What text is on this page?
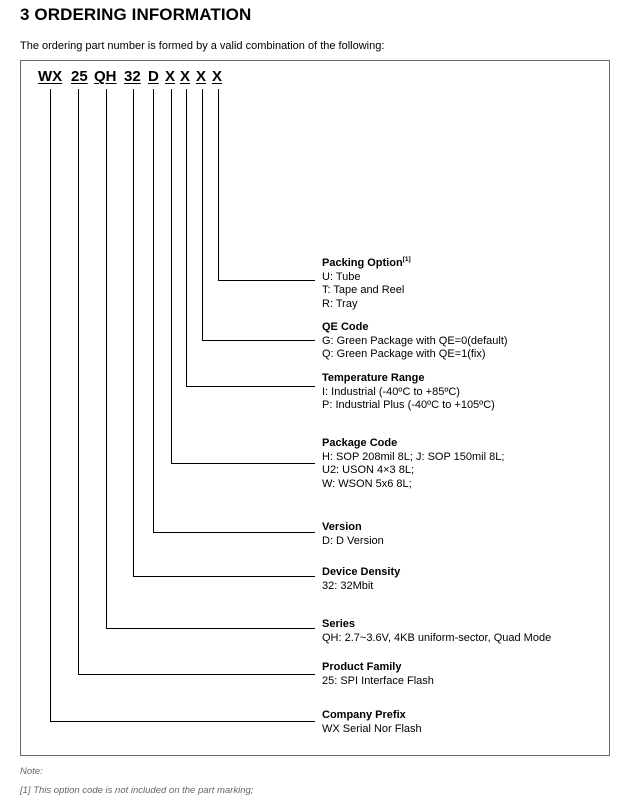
3 ORDERING INFORMATION
The ordering part number is formed by a valid combination of the following:
WX 25 QH 32 D X X X X
Packing Option[1]
U: Tube
T: Tape and Reel
R: Tray
QE Code
G: Green Package with QE=0(default)
Q: Green Package with QE=1(fix)
Temperature Range
I: Industrial (-40ºC to +85ºC)
P: Industrial Plus (-40ºC to +105ºC)
Package Code
H: SOP 208mil 8L; J: SOP 150mil 8L;
U2: USON 4×3 8L;
W: WSON 5x6 8L;
Version
D: D Version
Device Density
32: 32Mbit
Series
QH: 2.7~3.6V, 4KB uniform-sector, Quad Mode
Product Family
25: SPI Interface Flash
Company Prefix
WX Serial Nor Flash
Note:
[1] This option code is not included on the part marking;
